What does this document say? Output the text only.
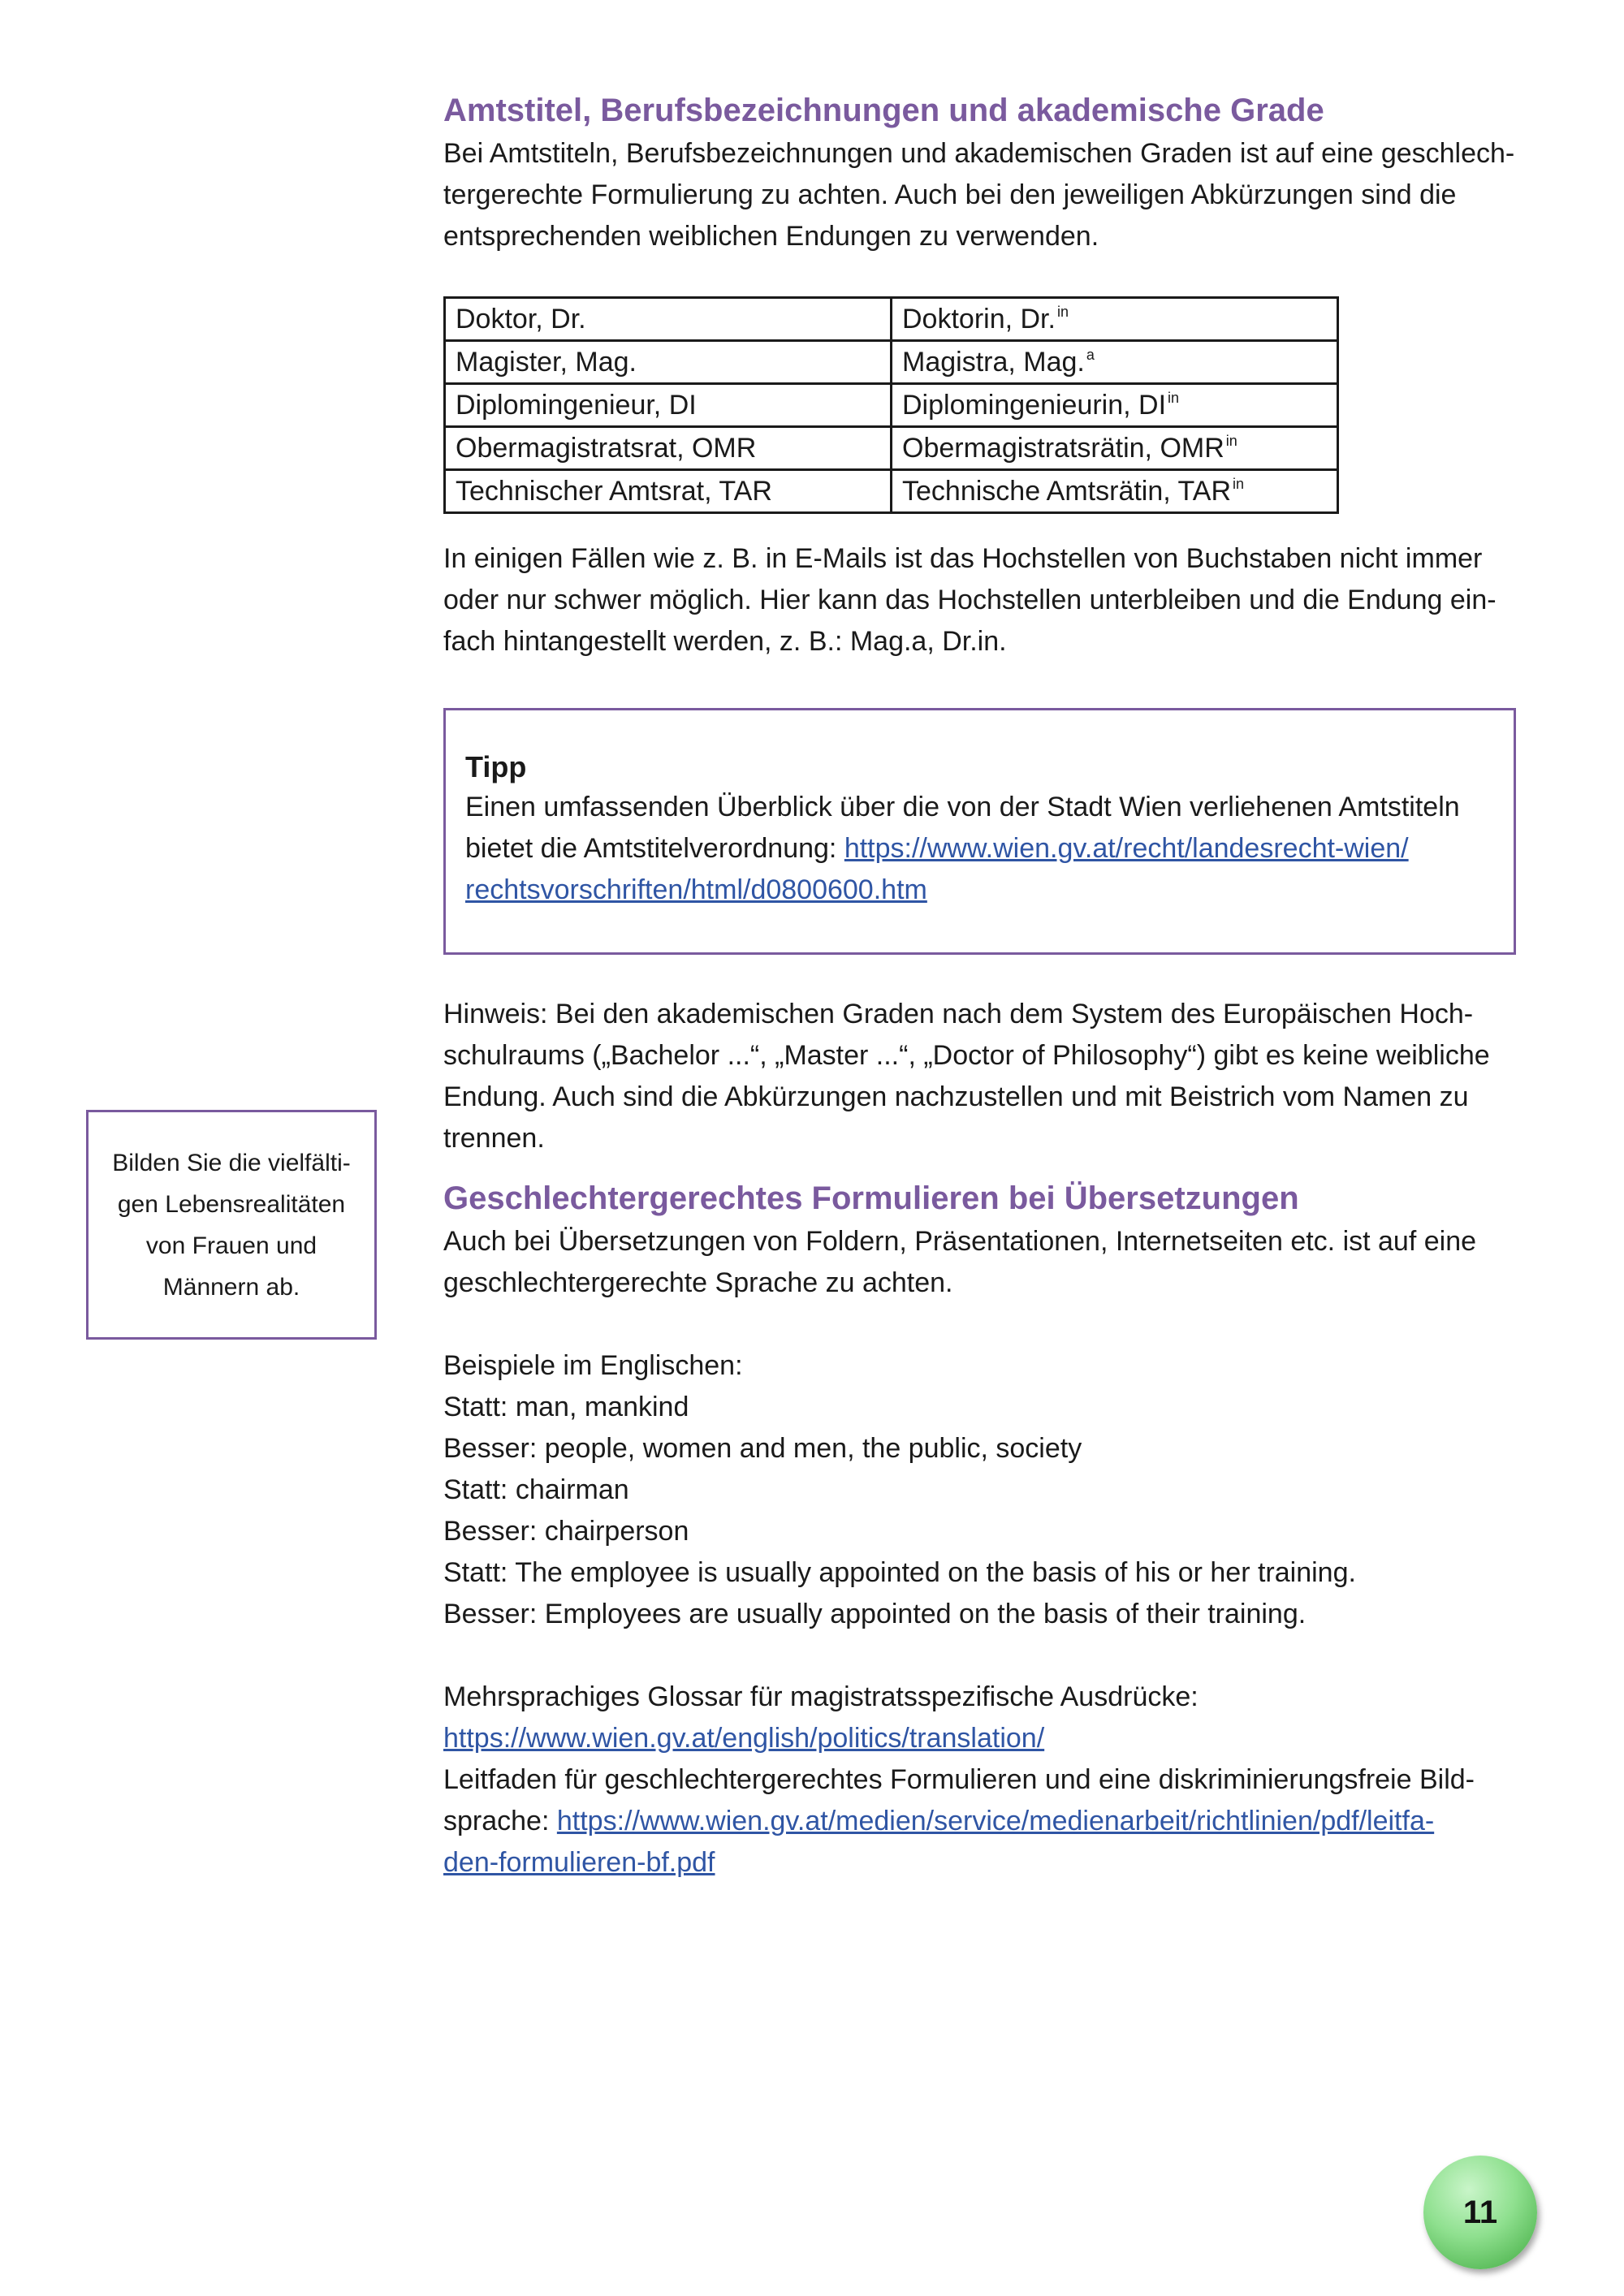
Amtstitel, Berufsbezeichnungen und akademische Grade

Bei Amtstiteln, Berufsbezeichnungen und akademischen Graden ist auf eine geschlech-

tergerechte Formulierung zu achten. Auch bei den jeweiligen Abkürzungen sind die

entsprechenden weiblichen Endungen zu verwenden.

Doktor, Dr.	Doktorin, Dr. $^{in}$
Magister, Mag.	Magistra, Mag. $^a$
Diplomingenieur, DI	Diplomingenieurin, DI $^{in}$
Obermagistratsrat, OMR	Obermagistratsrätin, OMR $^{in}$
Technischer Amtsrat, TAR	Technische Amtsrätin, TAR $^{in}$

In einigen Fällen wie z. B. in E-Mails ist das Hochstellen von Buchstaben nicht immer

oder nur schwer möglich. Hier kann das Hochstellen unterbleiben und die Endung ein-

fach hintangestellt werden, z. B.: Mag.a, Dr.in.

Tipp

Einen umfassenden Überblick über die von der Stadt Wien verliehenen Amtstiteln

bietet die Amtstitelverordnung: https://www.wien.gv.at/recht/landesrecht-wien/

rechtsvorschriften/html/d0800600.htm

Hinweis: Bei den akademischen Graden nach dem System des Europäischen Hoch-

schulraums („Bachelor ...“, „Master ...“, „Doctor of Philosophy“) gibt es keine weibliche

Endung. Auch sind die Abkürzungen nachzustellen und mit Beistrich vom Namen zu

trennen.

Geschlechtergerechtes Formulieren bei Übersetzungen

Auch bei Übersetzungen von Foldern, Präsentationen, Internetseiten etc. ist auf eine

geschlechtergerechte Sprache zu achten.

Beispiele im Englischen:

Statt: man, mankind

Besser: people, women and men, the public, society

Statt: chairman

Besser: chairperson

Statt: The employee is usually appointed on the basis of his or her training.

Besser: Employees are usually appointed on the basis of their training.

Mehrsprachiges Glossar für magistratsspezifische Ausdrücke:

https://www.wien.gv.at/english/politics/translation/

Leitfaden für geschlechtergerechtes Formulieren und eine diskriminierungsfreie Bild-

sprache: https://www.wien.gv.at/medien/service/medienarbeit/richtlinien/pdf/leitfa-

den-formulieren-bf.pdf

Bilden Sie die vielfälti-
gen Lebensrealitäten
von Frauen und
Männern ab.

11
